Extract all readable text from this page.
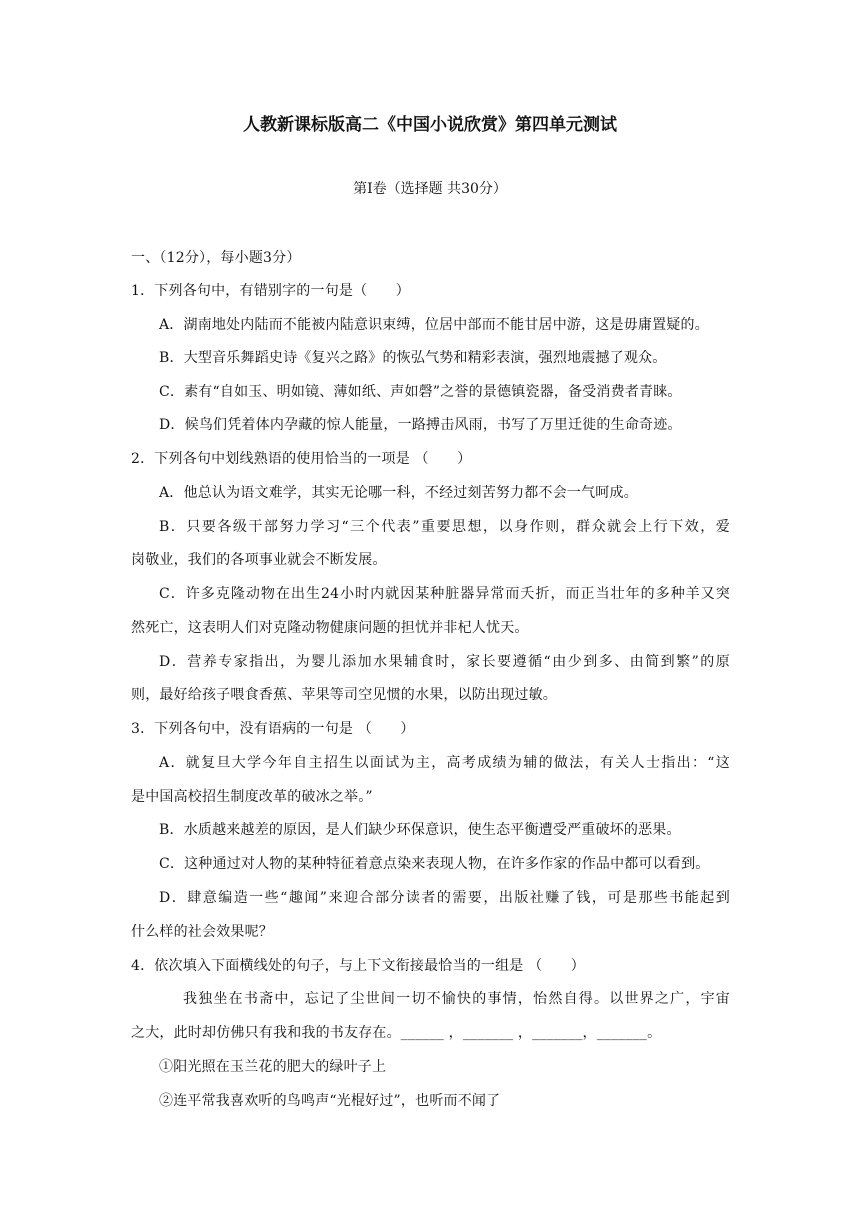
人教新课标版高二《中国小说欣赏》第四单元测试
第Ⅰ卷（选择题 共30分）
一、（12分），每小题3分）
1．下列各句中，有错别字的一句是（　　）
A．湖南地处内陆而不能被内陆意识束缚，位居中部而不能甘居中游，这是毋庸置疑的。
B．大型音乐舞蹈史诗《复兴之路》的恢弘气势和精彩表演，强烈地震撼了观众。
C．素有“自如玉、明如镜、薄如纸、声如磬”之誉的景德镇瓷器，备受消费者青睐。
D．候鸟们凭着体内孕藏的惊人能量，一路搏击风雨，书写了万里迁徙的生命奇迹。
2．下列各句中划线熟语的使用恰当的一项是 （　　）
A．他总认为语文难学，其实无论哪一科，不经过刻苦努力都不会一气呵成。
B．只要各级干部努力学习“三个代表”重要思想，以身作则，群众就会上行下效，爱
岗敬业，我们的各项事业就会不断发展。
C．许多克隆动物在出生24小时内就因某种脏器异常而夭折，而正当壮年的多种羊又突
然死亡，这表明人们对克隆动物健康问题的担忧并非杞人忧天。
D．营养专家指出，为婴儿添加水果辅食时，家长要遵循“由少到多、由简到繁”的原
则，最好给孩子喂食香蕉、苹果等司空见惯的水果，以防出现过敏。
3．下列各句中，没有语病的一句是 （　　）
A．就复旦大学今年自主招生以面试为主，高考成绩为辅的做法，有关人士指出：“这
是中国高校招生制度改革的破冰之举。”
B．水质越来越差的原因，是人们缺少环保意识，使生态平衡遭受严重破坏的恶果。
C．这种通过对人物的某种特征着意点染来表现人物，在许多作家的作品中都可以看到。
D．肆意编造一些“趣闻”来迎合部分读者的需要，出版社赚了钱，可是那些书能起到
什么样的社会效果呢？
4．依次填入下面横线处的句子，与上下文衔接最恰当的一组是 （　　）
我独坐在书斋中，忘记了尘世间一切不愉快的事情，怡然自得。以世界之广，宇宙
之大，此时却仿佛只有我和我的书友存在。______ ，_______ ，_______，_______。
①阳光照在玉兰花的肥大的绿叶子上
②连平常我喜欢听的鸟鸣声“光棍好过”，也听而不闻了
